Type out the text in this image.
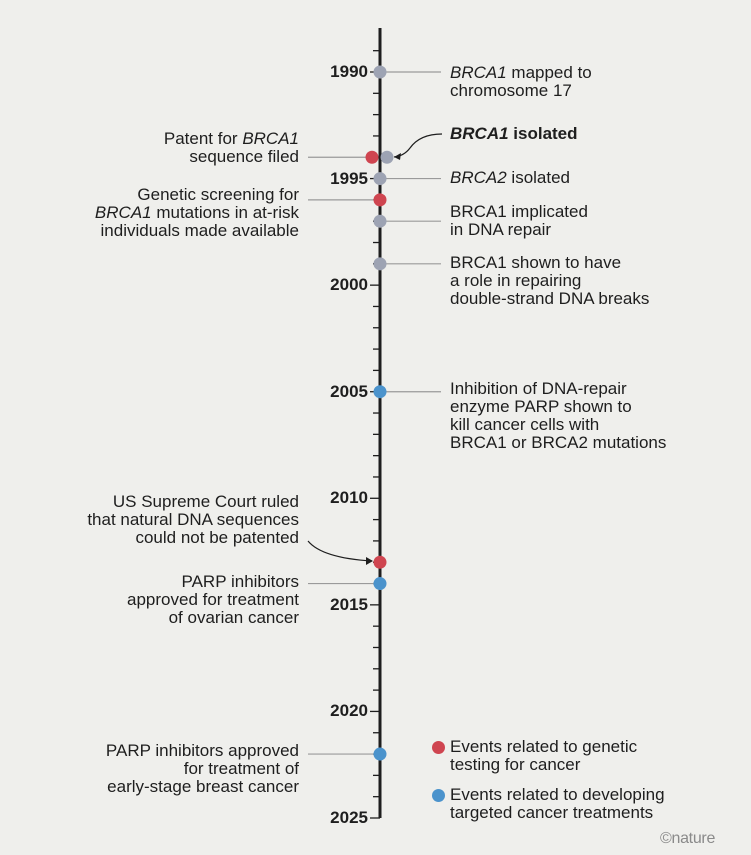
1990
1995
2000
2005
2010
2015
2020
2025
BRCA1 mapped to
chromosome 17
BRCA1 isolated
Patent for BRCA1
sequence filed
BRCA2 isolated
Genetic screening for
BRCA1 mutations in at-risk
individuals made available
BRCA1 implicated
in DNA repair
BRCA1 shown to have
a role in repairing
double-strand DNA breaks
Inhibition of DNA-repair
enzyme PARP shown to
kill cancer cells with
BRCA1 or BRCA2 mutations
US Supreme Court ruled
that natural DNA sequences
could not be patented
PARP inhibitors
approved for treatment
of ovarian cancer
PARP inhibitors approved
for treatment of
early-stage breast cancer
Events related to genetic
testing for cancer
Events related to developing
targeted cancer treatments
©nature
